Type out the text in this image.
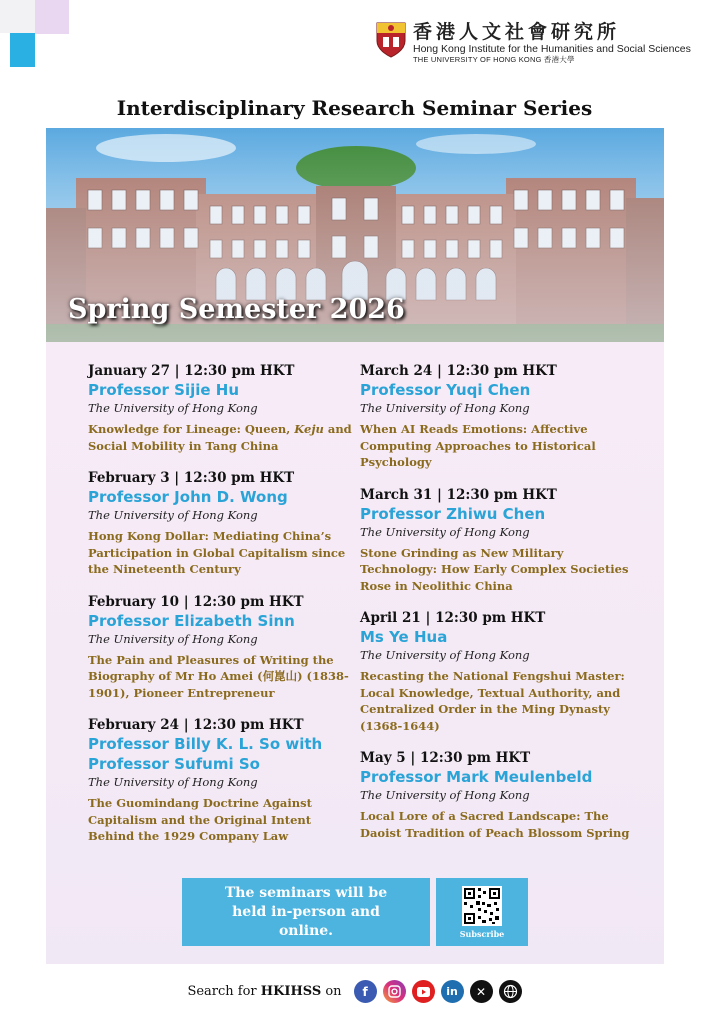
香港人文社會研究所
Hong Kong Institute for the Humanities and Social Sciences
THE UNIVERSITY OF HONG KONG 香港大學
Interdisciplinary Research Seminar Series
Spring Semester 2026
January 27 | 12:30 pm HKT
Professor Sijie Hu
The University of Hong Kong
Knowledge for Lineage: Queen, Keju and Social Mobility in Tang China
February 3 | 12:30 pm HKT
Professor John D. Wong
The University of Hong Kong
Hong Kong Dollar: Mediating China’s Participation in Global Capitalism since the Nineteenth Century
February 10 | 12:30 pm HKT
Professor Elizabeth Sinn
The University of Hong Kong
The Pain and Pleasures of Writing the Biography of Mr Ho Amei (何崑山) (1838-1901), Pioneer Entrepreneur
February 24 | 12:30 pm HKT
Professor Billy K. L. So with Professor Sufumi So
The University of Hong Kong
The Guomindang Doctrine Against Capitalism and the Original Intent Behind the 1929 Company Law
March 24 | 12:30 pm HKT
Professor Yuqi Chen
The University of Hong Kong
When AI Reads Emotions: Affective Computing Approaches to Historical Psychology
March 31 | 12:30 pm HKT
Professor Zhiwu Chen
The University of Hong Kong
Stone Grinding as New Military Technology: How Early Complex Societies Rose in Neolithic China
April 21 | 12:30 pm HKT
Ms Ye Hua
The University of Hong Kong
Recasting the National Fengshui Master: Local Knowledge, Textual Authority, and Centralized Order in the Ming Dynasty (1368-1644)
May 5 | 12:30 pm HKT
Professor Mark Meulenbeld
The University of Hong Kong
Local Lore of a Sacred Landscape: The Daoist Tradition of Peach Blossom Spring
The seminars will be held in-person and online.	Subscribe
Search for HKIHSS on	f	in	✕
